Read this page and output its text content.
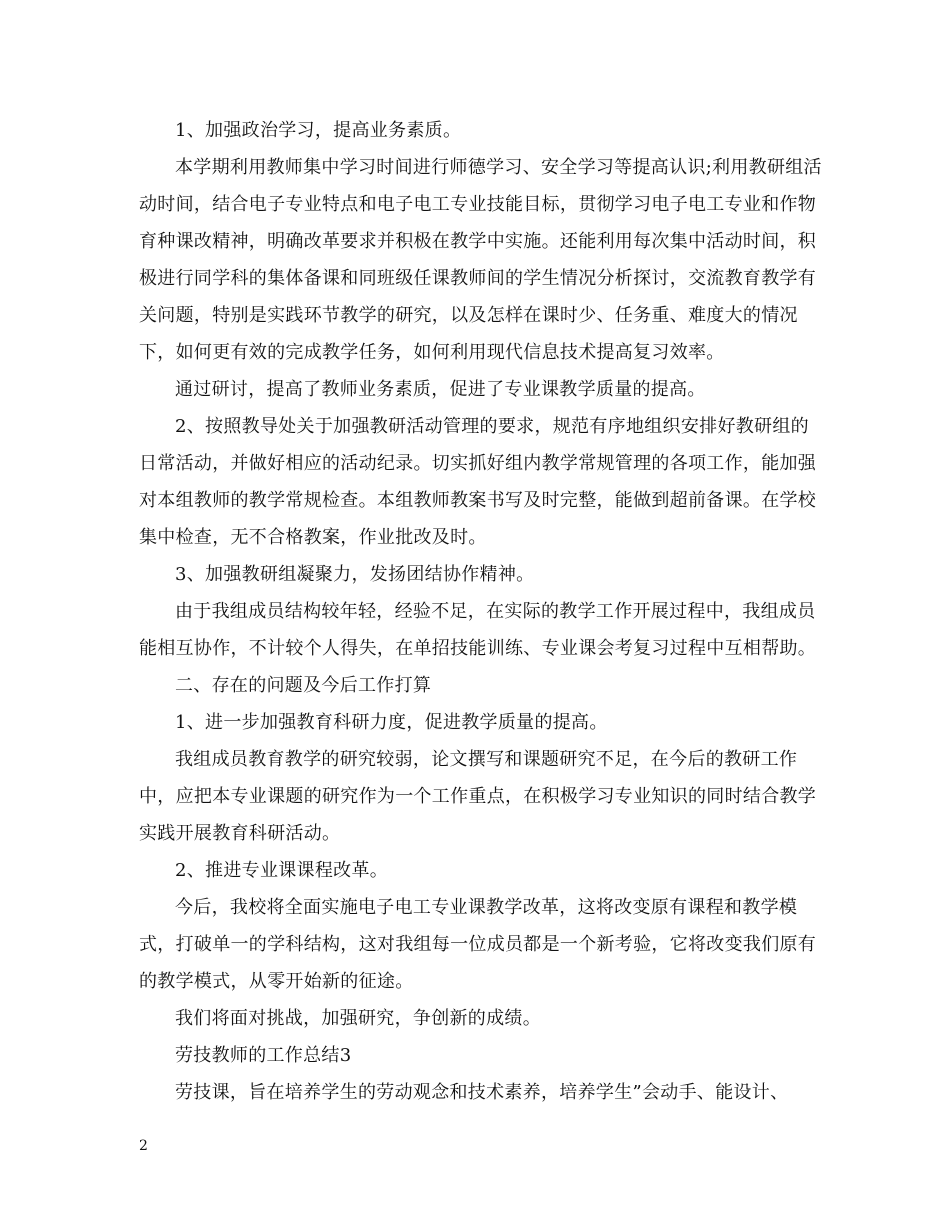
1、加强政治学习，提高业务素质。

本学期利用教师集中学习时间进行师德学习、安全学习等提高认识;利用教研组活动时间，结合电子专业特点和电子电工专业技能目标，贯彻学习电子电工专业和作物育种课改精神，明确改革要求并积极在教学中实施。还能利用每次集中活动时间，积极进行同学科的集体备课和同班级任课教师间的学生情况分析探讨，交流教育教学有关问题，特别是实践环节教学的研究，以及怎样在课时少、任务重、难度大的情况下，如何更有效的完成教学任务，如何利用现代信息技术提高复习效率。

通过研讨，提高了教师业务素质，促进了专业课教学质量的提高。

2、按照教导处关于加强教研活动管理的要求，规范有序地组织安排好教研组的日常活动，并做好相应的活动纪录。切实抓好组内教学常规管理的各项工作，能加强对本组教师的教学常规检查。本组教师教案书写及时完整，能做到超前备课。在学校集中检查，无不合格教案，作业批改及时。

3、加强教研组凝聚力，发扬团结协作精神。

由于我组成员结构较年轻，经验不足，在实际的教学工作开展过程中，我组成员能相互协作，不计较个人得失，在单招技能训练、专业课会考复习过程中互相帮助。

二、存在的问题及今后工作打算

1、进一步加强教育科研力度，促进教学质量的提高。

我组成员教育教学的研究较弱，论文撰写和课题研究不足，在今后的教研工作中，应把本专业课题的研究作为一个工作重点，在积极学习专业知识的同时结合教学实践开展教育科研活动。

2、推进专业课课程改革。

今后，我校将全面实施电子电工专业课教学改革，这将改变原有课程和教学模式，打破单一的学科结构，这对我组每一位成员都是一个新考验，它将改变我们原有的教学模式，从零开始新的征途。

我们将面对挑战，加强研究，争创新的成绩。

劳技教师的工作总结3

劳技课，旨在培养学生的劳动观念和技术素养，培养学生”会动手、能设计、

2
